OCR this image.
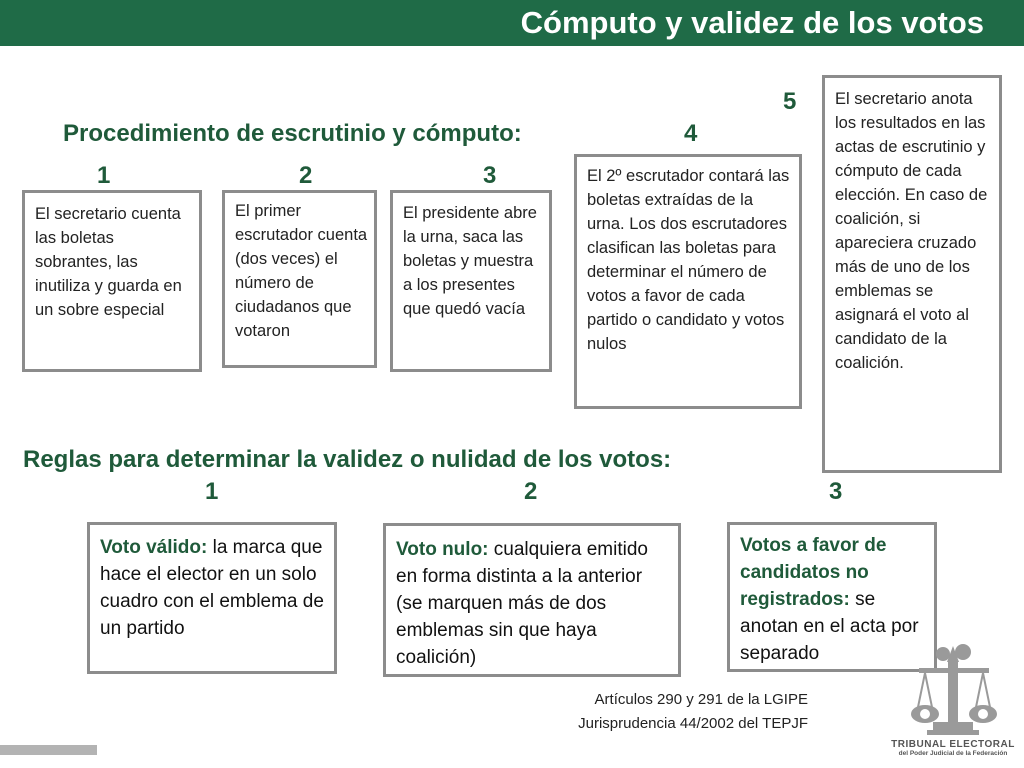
Cómputo y validez de los votos
Procedimiento de escrutinio y cómputo:
1	2	3
4
5

El secretario cuenta las boletas sobrantes, las inutiliza y guarda en un sobre especial

El primer escrutador cuenta (dos veces) el número de ciudadanos que votaron

El presidente abre la urna, saca las boletas y muestra a los presentes que quedó vacía

El 2º escrutador contará las boletas extraídas de la urna. Los dos escrutadores clasifican las boletas para determinar el número de votos a favor de cada partido o candidato y votos nulos

El secretario anota los resultados en las actas de escrutinio y cómputo de cada elección. En caso de coalición, si apareciera cruzado más de uno de los emblemas se asignará el voto al candidato de la coalición.

Reglas para determinar la validez o nulidad de los votos:
1	2	3

Voto válido: la marca que hace el elector en un solo cuadro con el emblema de un partido

Voto nulo: cualquiera emitido en forma distinta a la anterior (se marquen más de dos emblemas sin que haya coalición)

Votos a favor de candidatos no registrados: se anotan en el acta por separado

Artículos 290 y 291 de la LGIPE
Jurisprudencia 44/2002 del TEPJF
TRIBUNAL ELECTORAL
del Poder Judicial de la Federación
